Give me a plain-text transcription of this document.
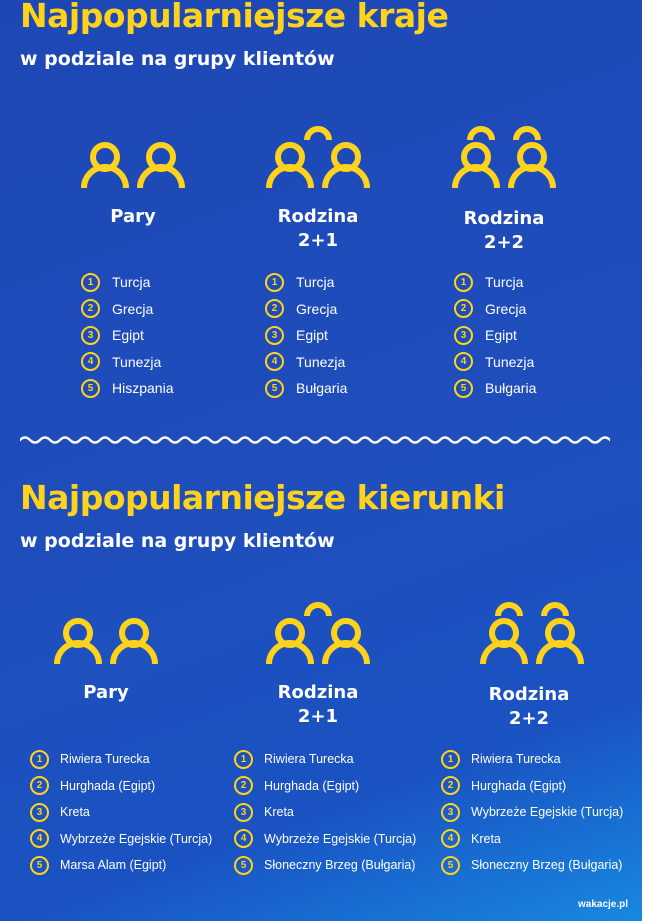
Najpopularniejsze kraje
w podziale na grupy klientów
Pary	Rodzina
2+1
Rodzina
2+2
1	Turcja
2	Grecja
3	Egipt
4	Tunezja
5	Hiszpania
1	Turcja
2	Grecja
3	Egipt
4	Tunezja
5	Bułgaria
1	Turcja
2	Grecja
3	Egipt
4	Tunezja
5	Bułgaria
Najpopularniejsze kierunki
w podziale na grupy klientów
Pary	Rodzina
2+1
Rodzina
2+2
1	Riwiera Turecka
2	Hurghada (Egipt)
3	Kreta
4	Wybrzeże Egejskie (Turcja)
5	Marsa Alam (Egipt)
1	Riwiera Turecka
2	Hurghada (Egipt)
3	Kreta
4	Wybrzeże Egejskie (Turcja)
5	Słoneczny Brzeg (Bułgaria)
1	Riwiera Turecka
2	Hurghada (Egipt)
3	Wybrzeże Egejskie (Turcja)
4	Kreta
5	Słoneczny Brzeg (Bułgaria)
wakacje.pl
